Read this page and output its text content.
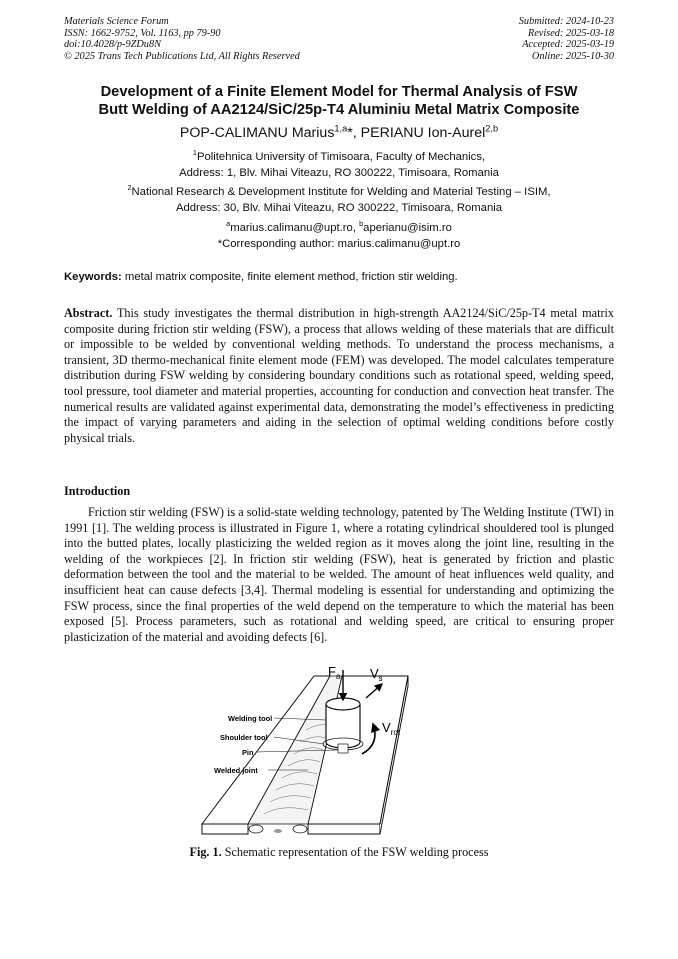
Materials Science Forum
ISSN: 1662-9752, Vol. 1163, pp 79-90
doi:10.4028/p-9ZDu8N
© 2025 Trans Tech Publications Ltd, All Rights Reserved
Submitted: 2024-10-23
Revised: 2025-03-18
Accepted: 2025-03-19
Online: 2025-10-30
Development of a Finite Element Model for Thermal Analysis of FSW
Butt Welding of AA2124/SiC/25p-T4 Aluminiu Metal Matrix Composite
POP-CALIMANU Marius$^{1,a}$*, PERIANU Ion-Aurel$^{2,b}$
$^1$Politehnica University of Timisoara, Faculty of Mechanics,
Address: 1, Blv. Mihai Viteazu, RO 300222, Timisoara, Romania
$^2$National Research & Development Institute for Welding and Material Testing – ISIM,
Address: 30, Blv. Mihai Viteazu, RO 300222, Timisoara, Romania
$^a$marius.calimanu@upt.ro, $^b$aperianu@isim.ro
*Corresponding author: marius.calimanu@upt.ro
Keywords: metal matrix composite, finite element method, friction stir welding.

Abstract. This study investigates the thermal distribution in high-strength AA2124/SiC/25p-T4 metal matrix composite during friction stir welding (FSW), a process that allows welding of these materials that are difficult or impossible to be welded by conventional welding methods. To understand the process mechanisms, a transient, 3D thermo-mechanical finite element mode (FEM) was developed. The model calculates temperature distribution during FSW welding by considering boundary conditions such as rotational speed, welding speed, tool pressure, tool diameter and material properties, accounting for conduction and convection heat transfer. The numerical results are validated against experimental data, demonstrating the model’s effectiveness in predicting the impact of varying parameters and aiding in the selection of optimal welding conditions before costly physical trials.

Introduction

Friction stir welding (FSW) is a solid-state welding technology, patented by The Welding Institute (TWI) in 1991 [1]. The welding process is illustrated in Figure 1, where a rotating cylindrical shouldered tool is plunged into the butted plates, locally plasticizing the welded region as it moves along the joint line, resulting in the welding of the workpieces [2]. In friction stir welding (FSW), heat is generated by friction and plastic deformation between the tool and the material to be welded. The amount of heat influences weld quality, and insufficient heat can cause defects [3,4]. Thermal modeling is essential for understanding and optimizing the FSW process, since the final properties of the weld depend on the temperature to which the material has been exposed [5]. Process parameters, such as rotational and welding speed, are critical to ensuring proper plasticization of the material and avoiding defects [6].

$F_a$ $V_s$
$V_{rot}$
Welding tool
Shoulder tool
Pin
Welded joint
Fig. 1. Schematic representation of the FSW welding process
